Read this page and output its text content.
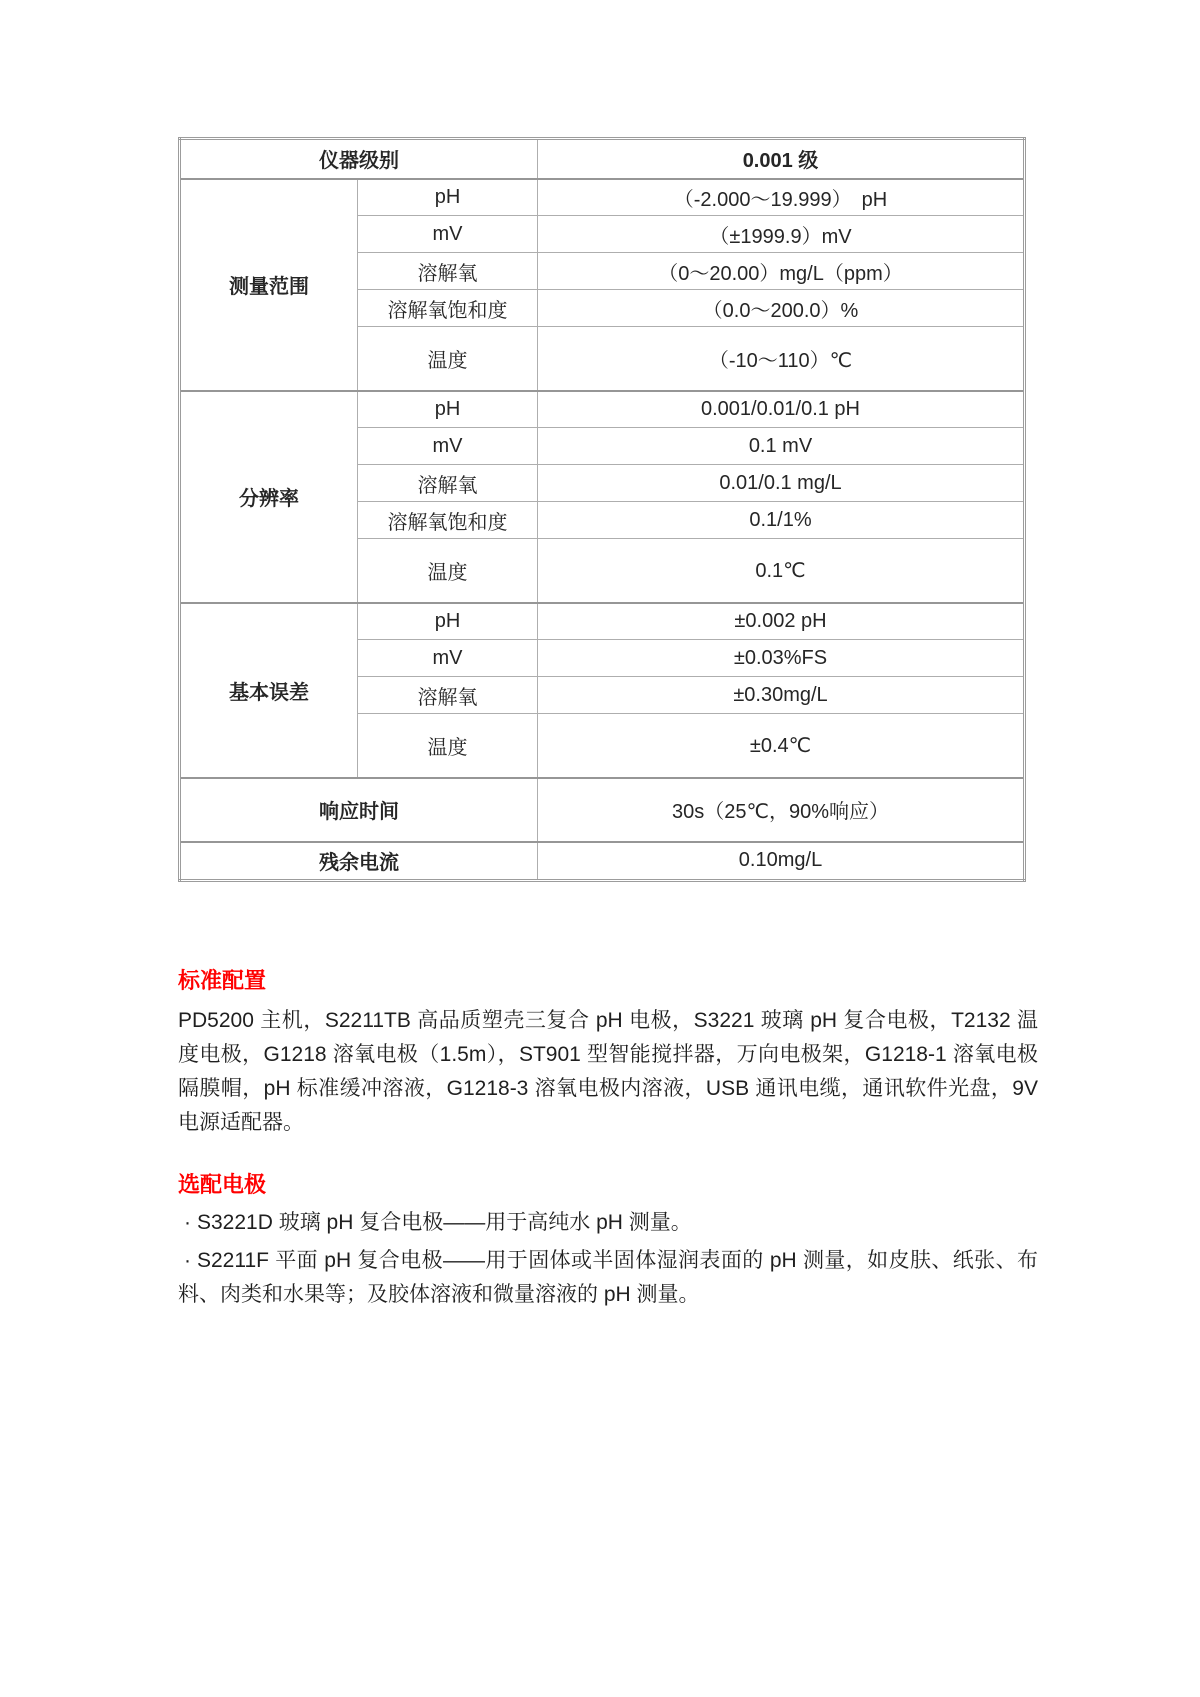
仪器级别		0.001 级
测量范围	pH	（-2.000～19.999）　pH
	mV	（±1999.9）mV
	溶解氧	（0～20.00）mg/L（ppm）
	溶解氧饱和度	（0.0～200.0）%
	温度	（-10～110）℃
分辨率	pH	0.001/0.01/0.1 pH
	mV	0.1 mV
	溶解氧	0.01/0.1 mg/L
	溶解氧饱和度	0.1/1%
	温度	0.1℃
基本误差	pH	±0.002 pH
	mV	±0.03%FS
	溶解氧	±0.30mg/L
	温度	±0.4℃
响应时间		30s（25℃，90%响应）
残余电流		0.10mg/L
标准配置

PD5200 主机，S2211TB 高品质塑壳三复合 pH 电极，S3221 玻璃 pH 复合电极，T2132 温度电极，G1218 溶氧电极（1.5m），ST901 型智能搅拌器，万向电极架，G1218-1 溶氧电极隔膜帽，pH 标准缓冲溶液，G1218-3 溶氧电极内溶液，USB 通讯电缆，通讯软件光盘，9V 电源适配器。

选配电极

· S3221D 玻璃 pH 复合电极——用于高纯水 pH 测量。

· S2211F 平面 pH 复合电极——用于固体或半固体湿润表面的 pH 测量，如皮肤、纸张、布料、肉类和水果等；及胶体溶液和微量溶液的 pH 测量。
